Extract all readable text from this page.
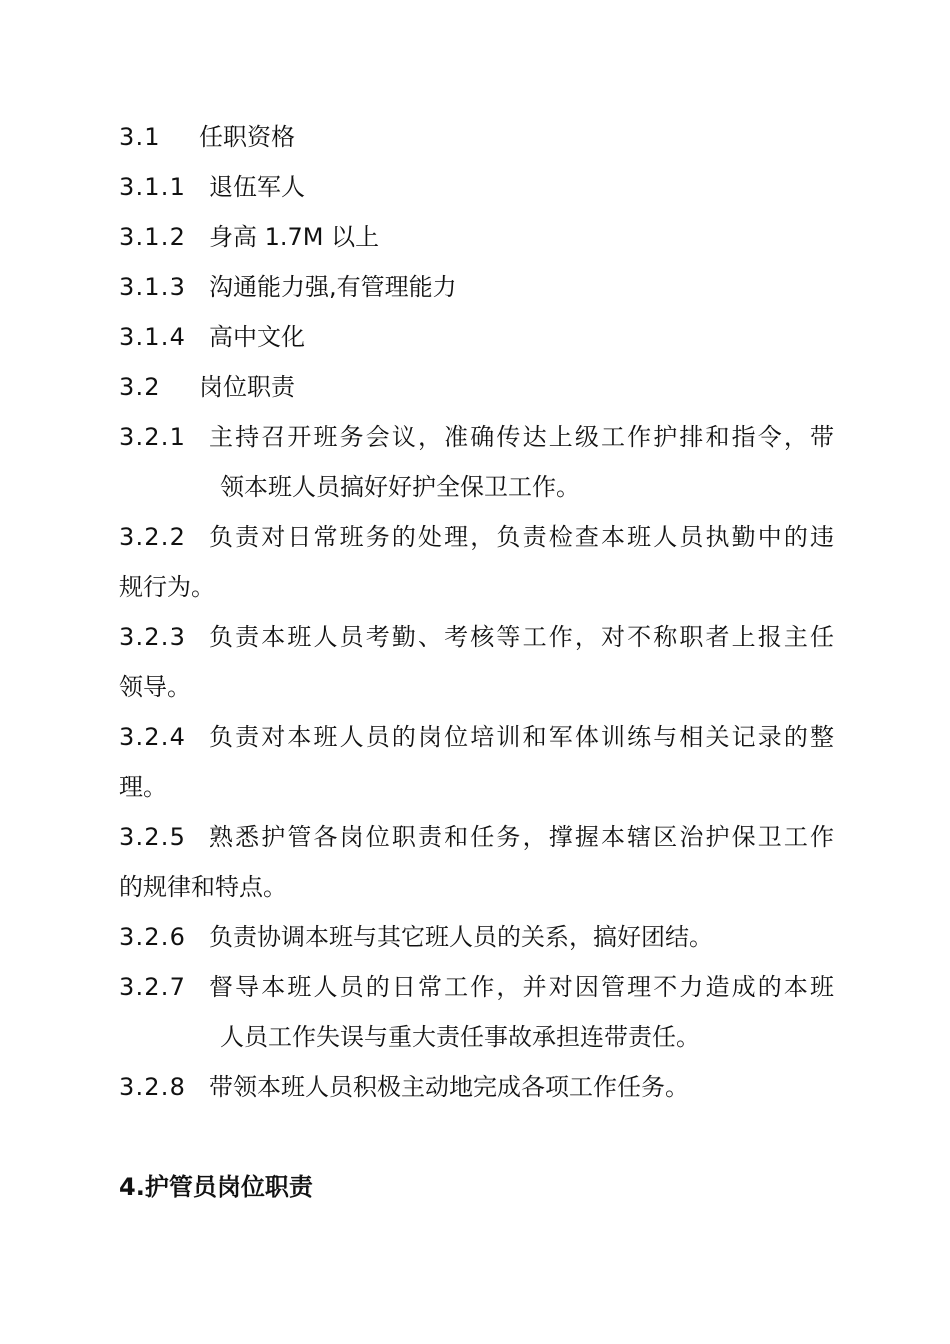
3.1 任职资格
3.1.1 退伍军人
3.1.2 身高 1.7M 以上
3.1.3 沟通能力强,有管理能力
3.1.4 高中文化
3.2 岗位职责
3.2.1 主持召开班务会议，准确传达上级工作护排和指令，带
领本班人员搞好好护全保卫工作。
3.2.2 负责对日常班务的处理，负责检查本班人员执勤中的违
规行为。
3.2.3 负责本班人员考勤、考核等工作，对不称职者上报主任
领导。
3.2.4 负责对本班人员的岗位培训和军体训练与相关记录的整
理。
3.2.5 熟悉护管各岗位职责和任务，撑握本辖区治护保卫工作
的规律和特点。
3.2.6 负责协调本班与其它班人员的关系，搞好团结。
3.2.7 督导本班人员的日常工作，并对因管理不力造成的本班
人员工作失误与重大责任事故承担连带责任。
3.2.8 带领本班人员积极主动地完成各项工作任务。
4.护管员岗位职责
